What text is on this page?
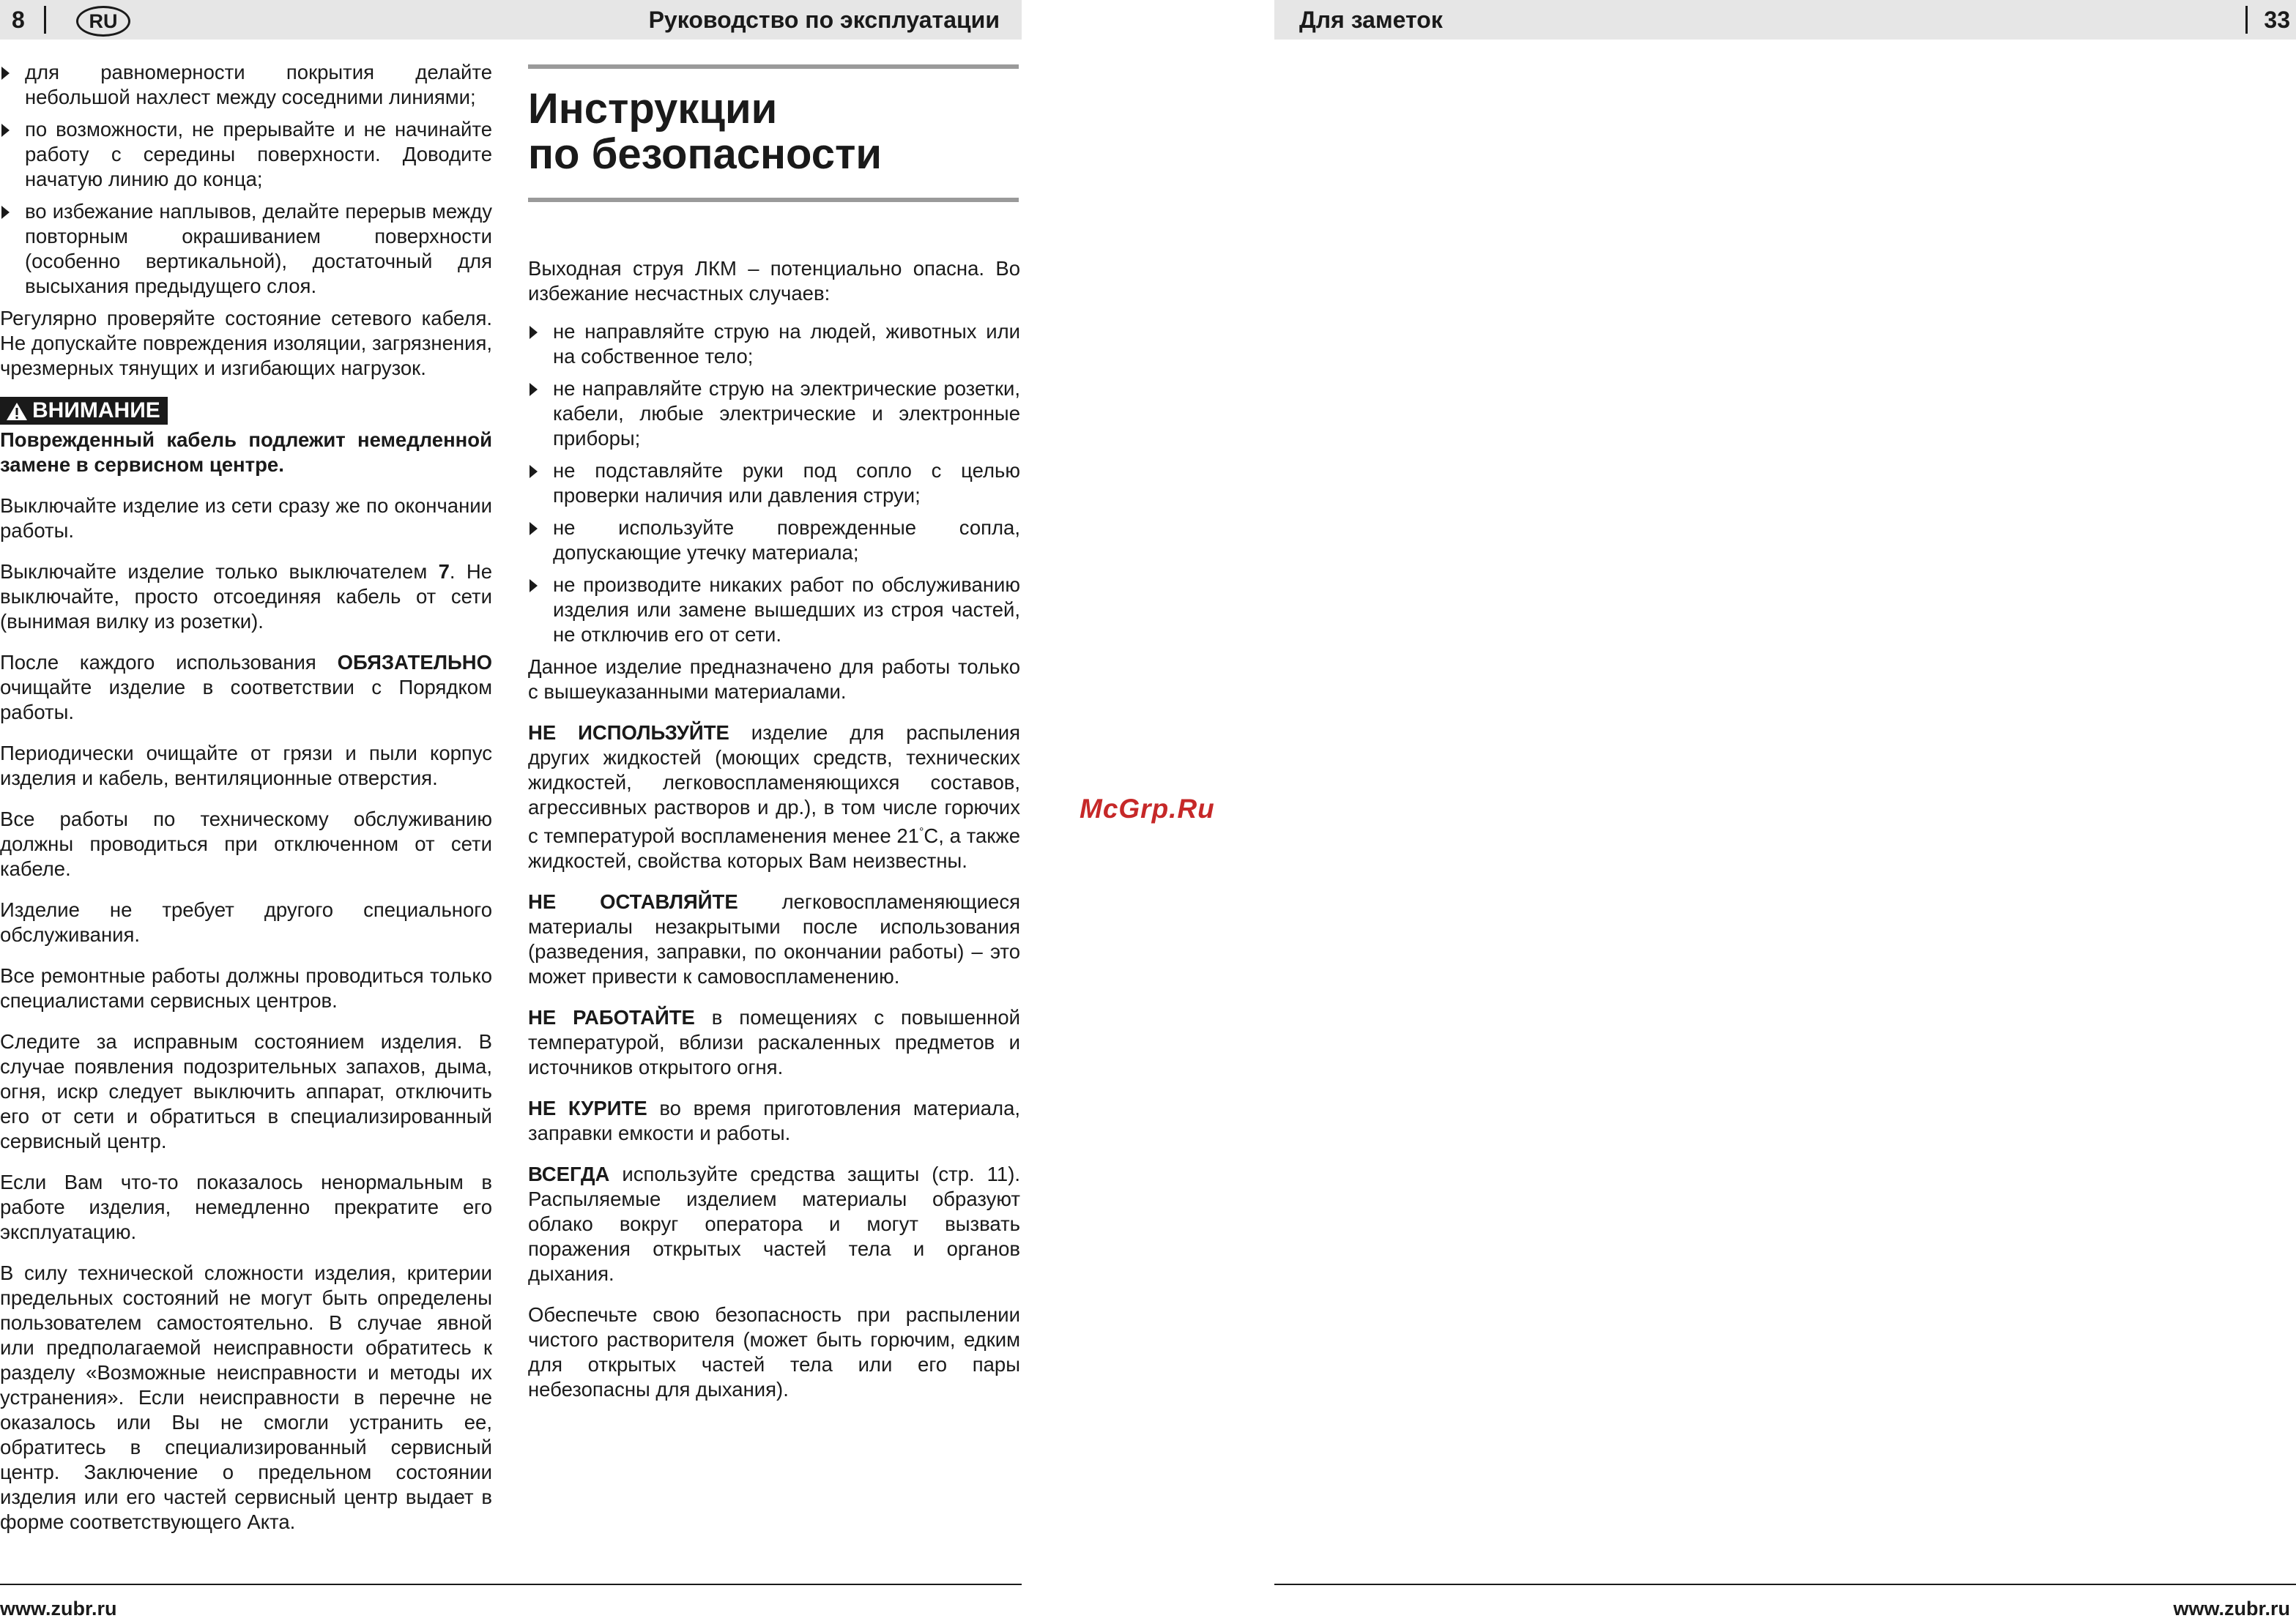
8	RU	Руководство по эксплуатации
для равномерности покрытия делайте небольшой нахлест между соседними линиями;
по возможности, не прерывайте и не начинайте работу с середины поверхности. Доводите начатую линию до конца;
во избежание наплывов, делайте перерыв между повторным окрашиванием поверхности (особенно вертикальной), достаточный для высыхания предыдущего слоя.

Регулярно проверяйте состояние сетевого кабеля. Не допускайте повреждения изоляции, загрязнения, чрезмерных тянущих и изгибающих нагрузок.

ВНИМАНИЕ

Поврежденный кабель подлежит немедленной замене в сервисном центре.

Выключайте изделие из сети сразу же по окончании работы.

Выключайте изделие только выключателем 7. Не выключайте, просто отсоединяя кабель от сети (вынимая вилку из розетки).

После каждого использования ОБЯЗАТЕЛЬНО очищайте изделие в соответствии с Порядком работы.

Периодически очищайте от грязи и пыли корпус изделия и кабель, вентиляционные отверстия.

Все работы по техническому обслуживанию должны проводиться при отключенном от сети кабеле.

Изделие не требует другого специального обслуживания.

Все ремонтные работы должны проводиться только специалистами сервисных центров.

Следите за исправным состоянием изделия. В случае появления подозрительных запахов, дыма, огня, искр следует выключить аппарат, отключить его от сети и обратиться в специализированный сервисный центр.

Если Вам что-то показалось ненормальным в работе изделия, немедленно прекратите его эксплуатацию.

В силу технической сложности изделия, критерии предельных состояний не могут быть определены пользователем самостоятельно. В случае явной или предполагаемой неисправности обратитесь к разделу «Возможные неисправности и методы их устранения». Если неисправности в перечне не оказалось или Вы не смогли устранить ее, обратитесь в специализированный сервисный центр. Заключение о предельном состоянии изделия или его частей сервисный центр выдает в форме соответствующего Акта.

Инструкции
по безопасности

Выходная струя ЛКМ – потенциально опасна. Во избежание несчастных случаев:

не направляйте струю на людей, животных или на собственное тело;
не направляйте струю на электрические розетки, кабели, любые электрические и электронные приборы;
не подставляйте руки под сопло с целью проверки наличия или давления струи;
не используйте поврежденные сопла, допускающие утечку материала;
не производите никаких работ по обслуживанию изделия или замене вышедших из строя частей, не отключив его от сети.

Данное изделие предназначено для работы только с вышеуказанными материалами.

НЕ ИСПОЛЬЗУЙТЕ изделие для распыления других жидкостей (моющих средств, технических жидкостей, легковоспламеняющихся составов, агрессивных растворов и др.), в том числе горючих с температурой воспламенения менее 21°С, а также жидкостей, свойства которых Вам неизвестны.

НЕ ОСТАВЛЯЙТЕ легковоспламеняющиеся материалы незакрытыми после использования (разведения, заправки, по окончании работы) – это может привести к самовоспламенению.

НЕ РАБОТАЙТЕ в помещениях с повышенной температурой, вблизи раскаленных предметов и источников открытого огня.

НЕ КУРИТЕ во время приготовления материала, заправки емкости и работы.

ВСЕГДА используйте средства защиты (стр. 11). Распыляемые изделием материалы образуют облако вокруг оператора и могут вызвать поражения открытых частей тела и органов дыхания.

Обеспечьте свою безопасность при распылении чистого растворителя (может быть горючим, едким для открытых частей тела или его пары небезопасны для дыхания).

www.zubr.ru
Для заметок	33
www.zubr.ru
McGrp.Ru
